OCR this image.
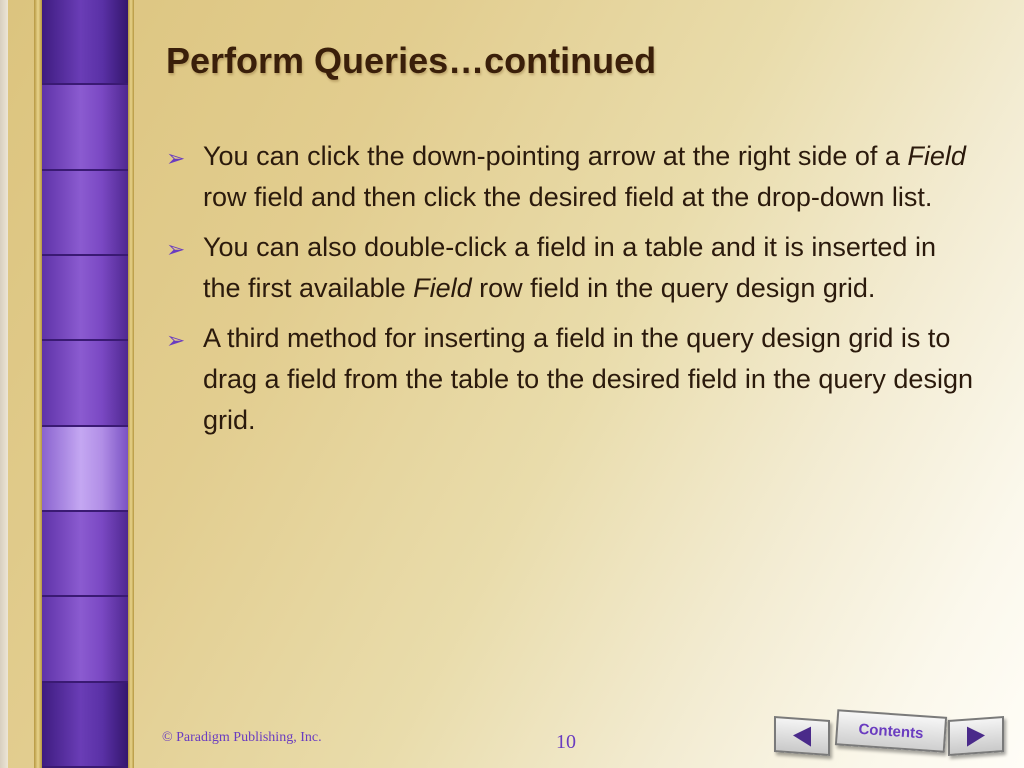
Perform Queries…continued
➢ You can click the down-pointing arrow at the right side of a Field row field and then click the desired field at the drop-down list.
➢ You can also double-click a field in a table and it is inserted in the first available Field row field in the query design grid.
➢ A third method for inserting a field in the query design grid is to drag a field from the table to the desired field in the query design grid.
© Paradigm Publishing, Inc.	10	Contents
